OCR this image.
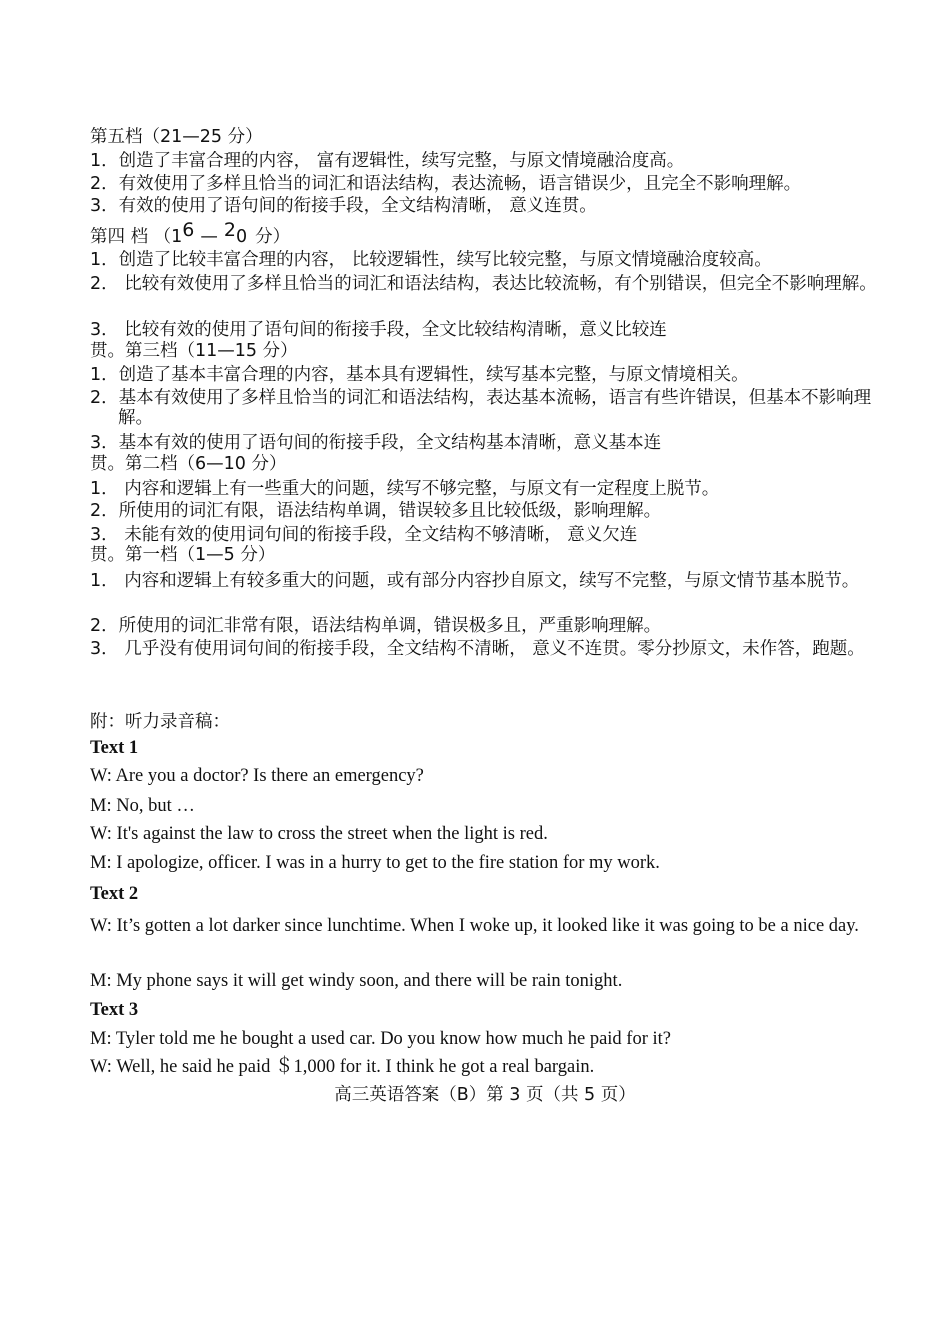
第五档（21—25 分）
1．创造了丰富合理的内容， 富有逻辑性，续写完整，与原文情境融洽度高。
2．有效使用了多样且恰当的词汇和语法结构，表达流畅，语言错误少，且完全不影响理解。
3．有效的使用了语句间的衔接手段，全文结构清晰， 意义连贯。
第四 档 （16 — 20 分）
1．创造了比较丰富合理的内容， 比较逻辑性，续写比较完整，与原文情境融洽度较高。
2． 比较有效使用了多样且恰当的词汇和语法结构，表达比较流畅，有个别错误，但完全不影响理解。
3． 比较有效的使用了语句间的衔接手段，全文比较结构清晰，意义比较连
贯。第三档（11—15 分）
1．创造了基本丰富合理的内容，基本具有逻辑性，续写基本完整，与原文情境相关。
2．基本有效使用了多样且恰当的词汇和语法结构，表达基本流畅，语言有些许错误，但基本不影响理解。
3．基本有效的使用了语句间的衔接手段，全文结构基本清晰，意义基本连
贯。第二档（6—10 分）
1． 内容和逻辑上有一些重大的问题，续写不够完整，与原文有一定程度上脱节。
2．所使用的词汇有限，语法结构单调，错误较多且比较低级，影响理解。
3． 未能有效的使用词句间的衔接手段，全文结构不够清晰， 意义欠连
贯。第一档（1—5 分）
1． 内容和逻辑上有较多重大的问题，或有部分内容抄自原文，续写不完整，与原文情节基本脱节。
2．所使用的词汇非常有限，语法结构单调，错误极多且，严重影响理解。
3． 几乎没有使用词句间的衔接手段，全文结构不清晰， 意义不连贯。零分抄原文，未作答，跑题。
附：听力录音稿：
Text 1
W: Are you a doctor? Is there an emergency?
M: No, but …
W: It's against the law to cross the street when the light is red.
M: I apologize, officer. I was in a hurry to get to the fire station for my work.
Text 2
W: It’s gotten a lot darker since lunchtime. When I woke up, it looked like it was going to be a nice day.
M: My phone says it will get windy soon, and there will be rain tonight.
Text 3
M: Tyler told me he bought a used car. Do you know how much he paid for it?
W: Well, he said he paid ＄1,000 for it. I think he got a real bargain.
高三英语答案（B）第 3 页（共 5 页）
